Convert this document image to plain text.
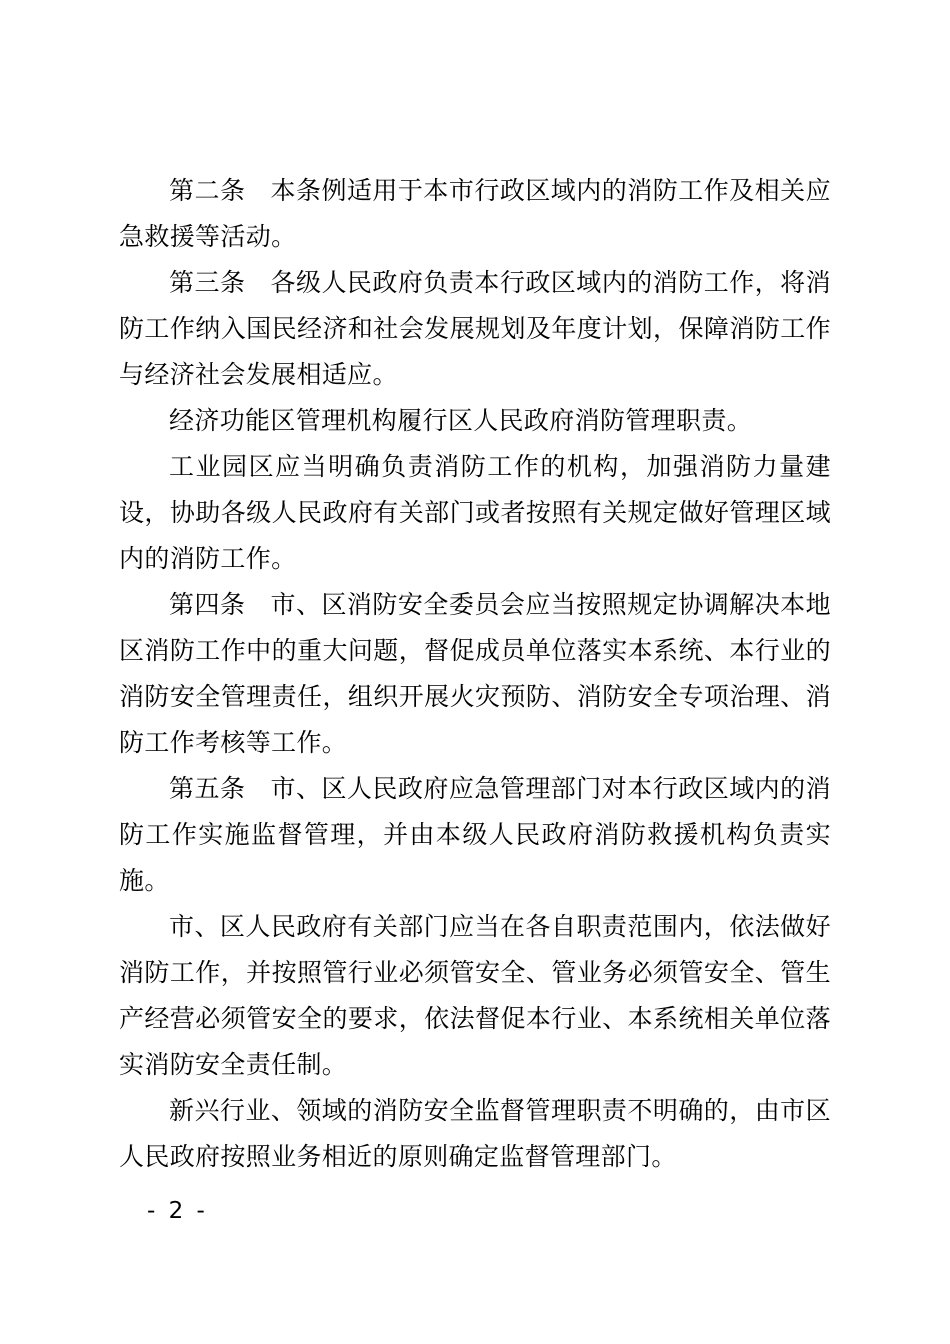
第二条 本条例适用于本市行政区域内的消防工作及相关应急救援等活动。

第三条 各级人民政府负责本行政区域内的消防工作，将消防工作纳入国民经济和社会发展规划及年度计划，保障消防工作与经济社会发展相适应。

经济功能区管理机构履行区人民政府消防管理职责。

工业园区应当明确负责消防工作的机构，加强消防力量建设，协助各级人民政府有关部门或者按照有关规定做好管理区域内的消防工作。

第四条 市、区消防安全委员会应当按照规定协调解决本地区消防工作中的重大问题，督促成员单位落实本系统、本行业的消防安全管理责任，组织开展火灾预防、消防安全专项治理、消防工作考核等工作。

第五条 市、区人民政府应急管理部门对本行政区域内的消防工作实施监督管理，并由本级人民政府消防救援机构负责实施。

市、区人民政府有关部门应当在各自职责范围内，依法做好消防工作，并按照管行业必须管安全、管业务必须管安全、管生产经营必须管安全的要求，依法督促本行业、本系统相关单位落实消防安全责任制。

新兴行业、领域的消防安全监督管理职责不明确的，由市区人民政府按照业务相近的原则确定监督管理部门。

- 2 -
